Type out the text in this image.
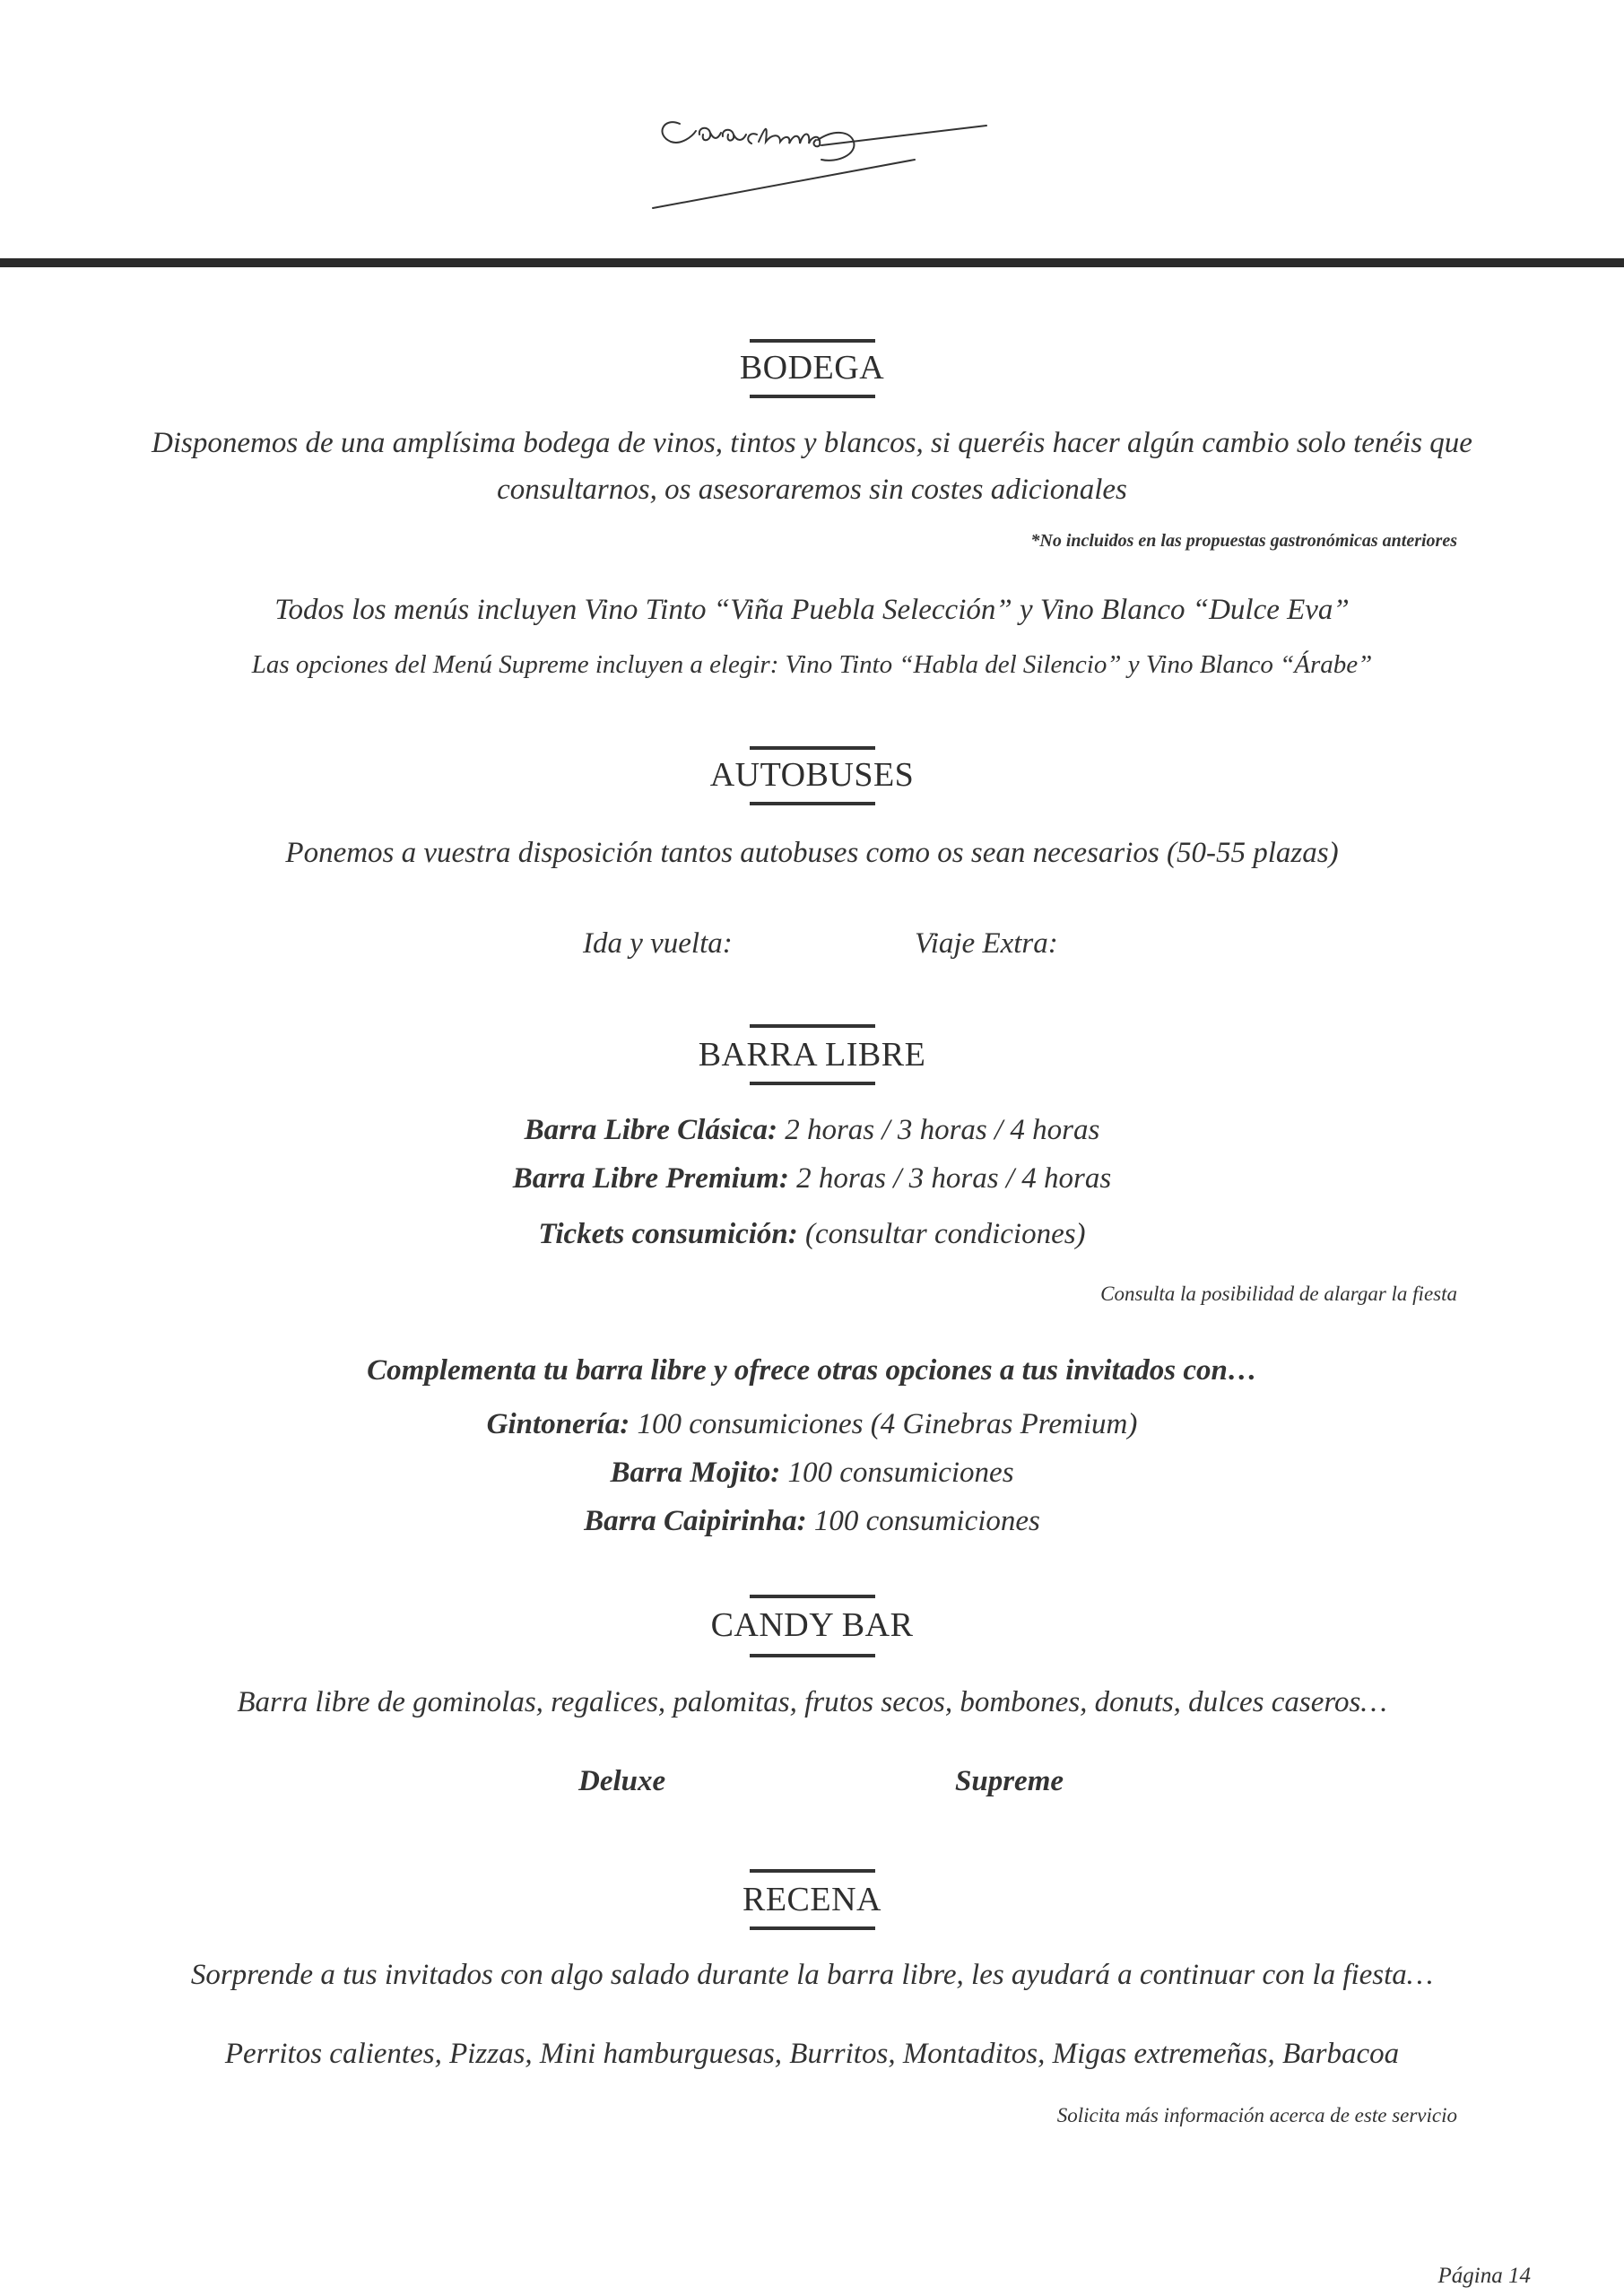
BODEGA
Disponemos de una amplísima bodega de vinos, tintos y blancos, si queréis hacer algún cambio solo tenéis que
consultarnos, os asesoraremos sin costes adicionales
*No incluidos en las propuestas gastronómicas anteriores
Todos los menús incluyen Vino Tinto “Viña Puebla Selección” y Vino Blanco “Dulce Eva”
Las opciones del Menú Supreme incluyen a elegir: Vino Tinto “Habla del Silencio” y Vino Blanco “Árabe”
AUTOBUSES
Ponemos a vuestra disposición tantos autobuses como os sean necesarios (50-55 plazas)
Ida y vuelta:	Viaje Extra:
BARRA LIBRE
Barra Libre Clásica: 2 horas / 3 horas / 4 horas
Barra Libre Premium: 2 horas / 3 horas / 4 horas
Tickets consumición: (consultar condiciones)
Consulta la posibilidad de alargar la fiesta
Complementa tu barra libre y ofrece otras opciones a tus invitados con…
Gintonería: 100 consumiciones (4 Ginebras Premium)
Barra Mojito: 100 consumiciones
Barra Caipirinha: 100 consumiciones
CANDY BAR
Barra libre de gominolas, regalices, palomitas, frutos secos, bombones, donuts, dulces caseros…
Deluxe	Supreme
RECENA
Sorprende a tus invitados con algo salado durante la barra libre, les ayudará a continuar con la fiesta…
Perritos calientes, Pizzas, Mini hamburguesas, Burritos, Montaditos, Migas extremeñas, Barbacoa
Solicita más información acerca de este servicio
Página 14
